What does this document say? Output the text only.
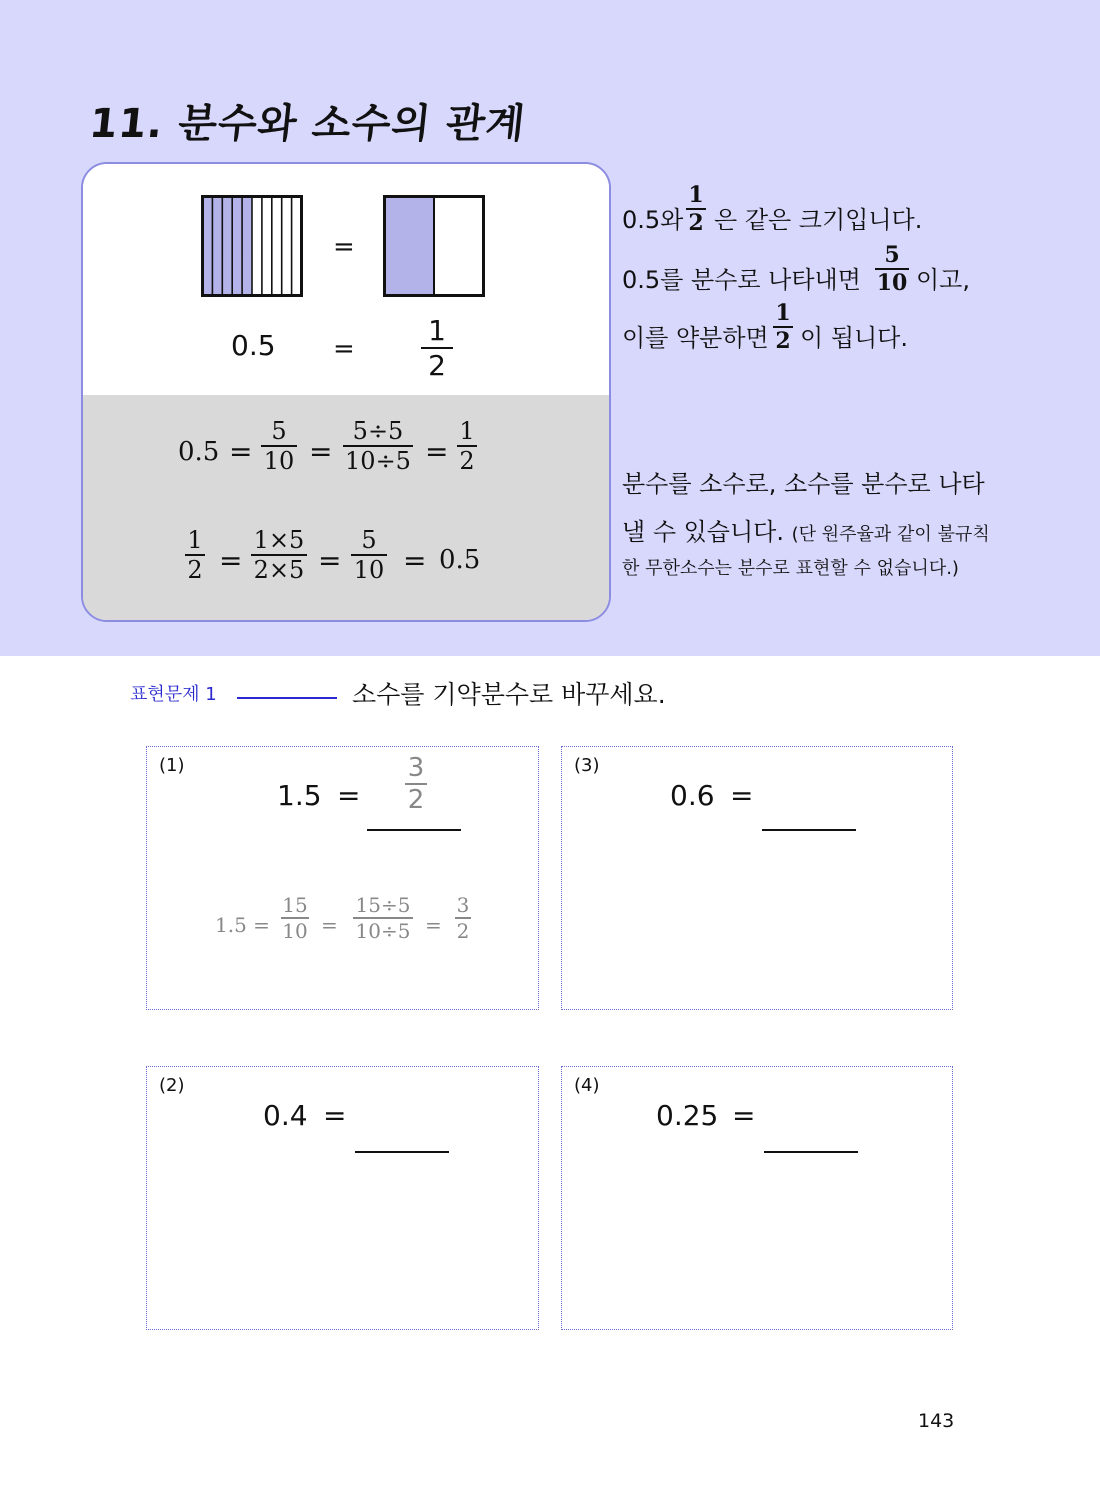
11. 분수와 소수의 관계
=
0.5 =
1
2
0.5 =
5
10 =
5÷5
10÷5 =
1
2
1
2 =
1×5
2×5 =
5
10 = 0.5
0.5와
1
2 은 같은 크기입니다.
0.5를 분수로 나타내면
5
10 이고,
이를 약분하면
1
2 이 됩니다.
분수를 소수로, 소수를 분수로 나타
낼 수 있습니다. (단 원주율과 같이 불규칙
한 무한소수는 분수로 표현할 수 없습니다.)
표현문제 1	소수를 기약분수로 바꾸세요.
(1)
1.5 =
3
2
1.5 =
15
10 =
15÷5
10÷5 =
3
2
(3)
0.6 =
(2)
0.4 =
(4)
0.25 =
143
